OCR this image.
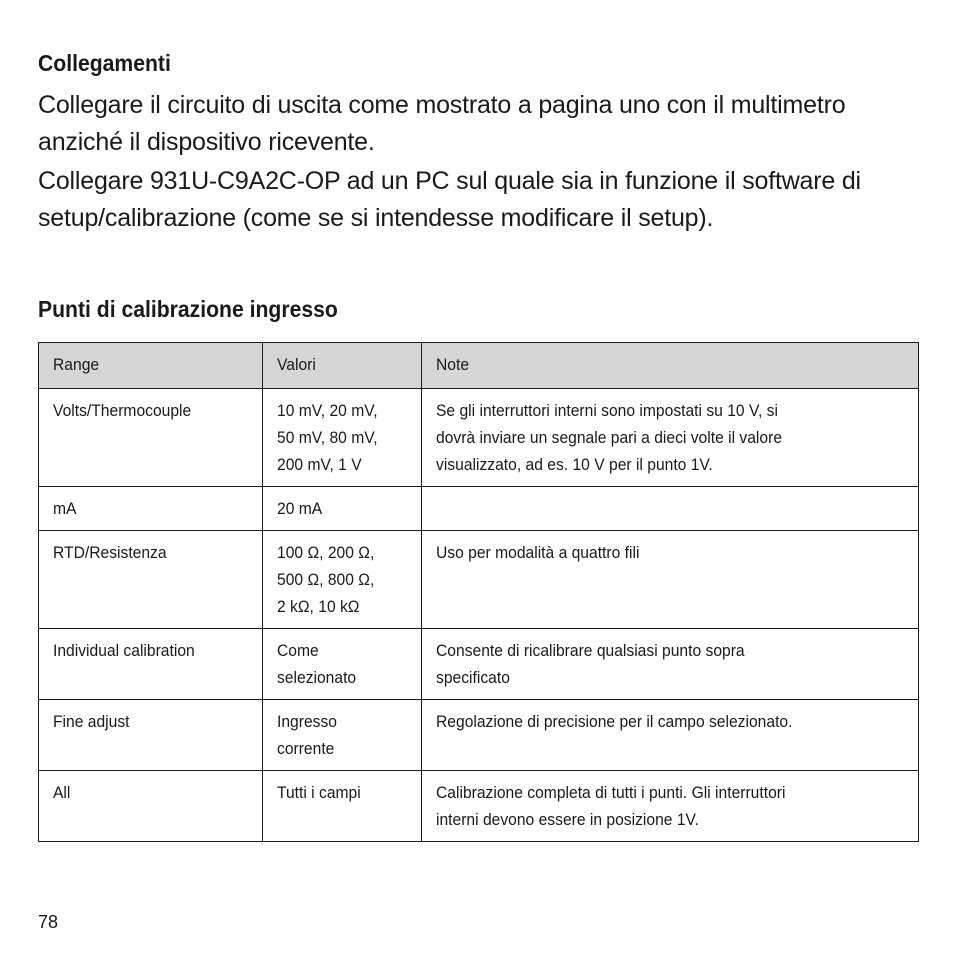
Collegamenti

Collegare il circuito di uscita come mostrato a pagina uno con il multimetro anziché il dispositivo ricevente.

Collegare 931U-C9A2C-OP ad un PC sul quale sia in funzione il software di setup/calibrazione (come se si intendesse modificare il setup).

Punti di calibrazione ingresso
Range	Valori	Note

Volts/Thermocouple	10 mV, 20 mV,
50 mV, 80 mV,
200 mV, 1 V	Se gli interruttori interni sono impostati su 10 V, si
dovrà inviare un segnale pari a dieci volte il valore
visualizzato, ad es. 10 V per il punto 1V.

mA	20 mA	

RTD/Resistenza	100 Ω, 200 Ω,
500 Ω, 800 Ω,
2 kΩ, 10 kΩ	Uso per modalità a quattro fili

Individual calibration	Come
selezionato	Consente di ricalibrare qualsiasi punto sopra
specificato

Fine adjust	Ingresso
corrente	Regolazione di precisione per il campo selezionato.

All	Tutti i campi	Calibrazione completa di tutti i punti. Gli interruttori
interni devono essere in posizione 1V.
78
